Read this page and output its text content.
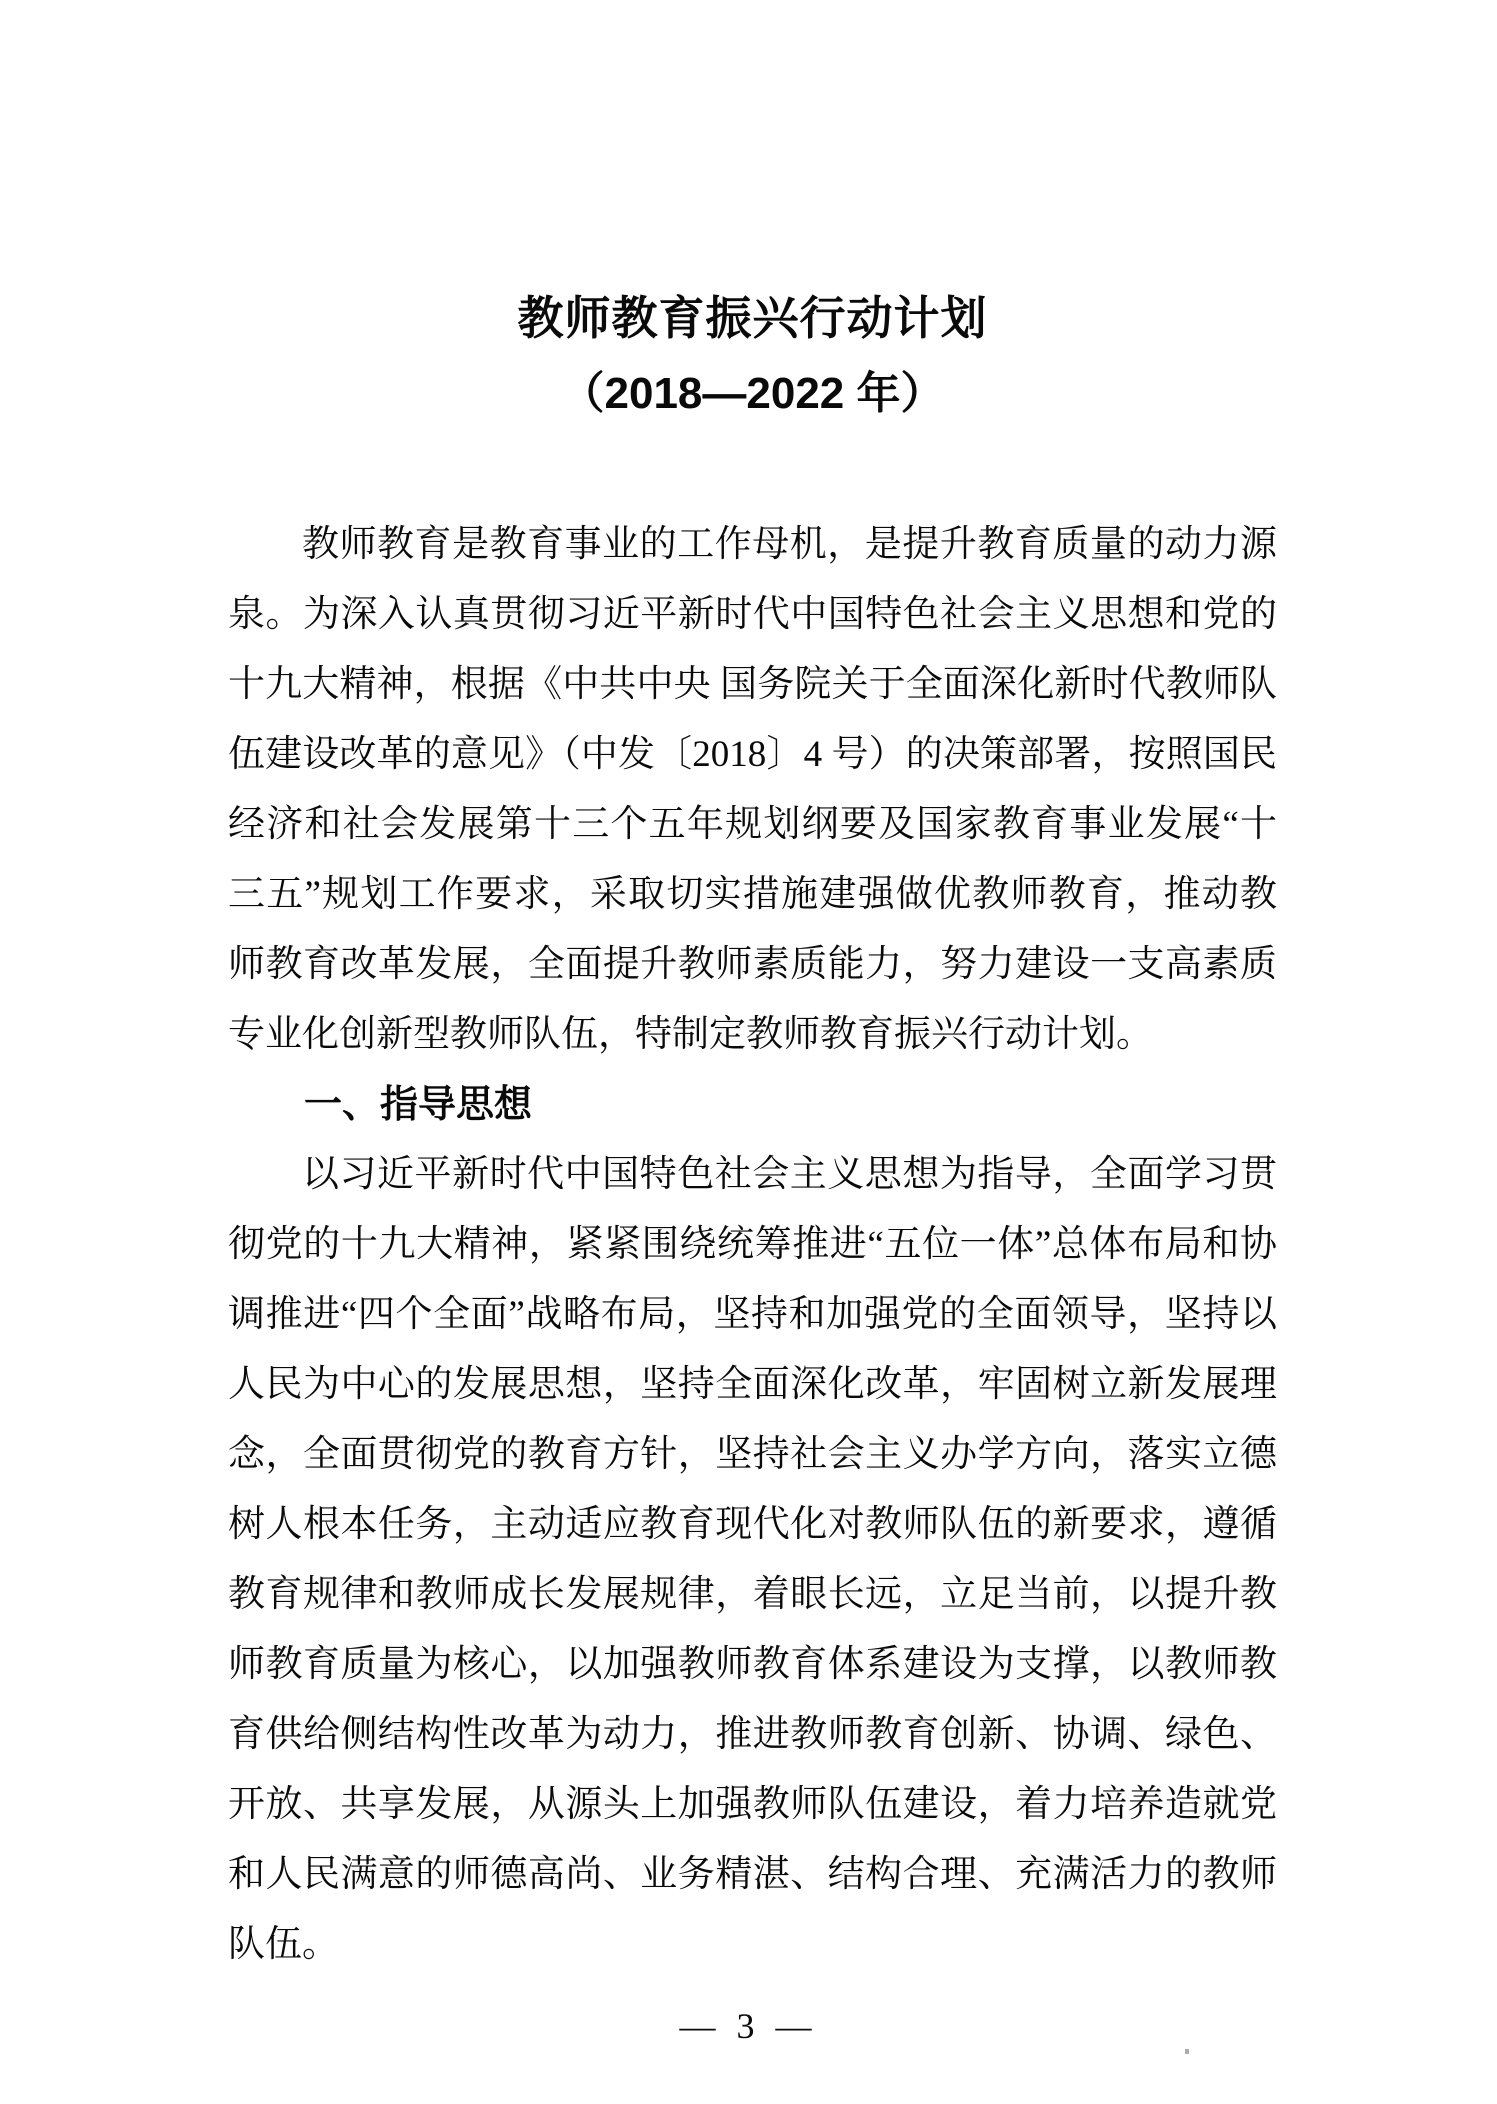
教师教育振兴行动计划
（2018—2022 年）

教师教育是教育事业的工作母机，是提升教育质量的动力源泉。为深入认真贯彻习近平新时代中国特色社会主义思想和党的十九大精神，根据《中共中央 国务院关于全面深化新时代教师队伍建设改革的意见》（中发〔2018〕4 号）的决策部署，按照国民经济和社会发展第十三个五年规划纲要及国家教育事业发展“十三五”规划工作要求，采取切实措施建强做优教师教育，推动教师教育改革发展，全面提升教师素质能力，努力建设一支高素质专业化创新型教师队伍，特制定教师教育振兴行动计划。

一、指导思想

以习近平新时代中国特色社会主义思想为指导，全面学习贯彻党的十九大精神，紧紧围绕统筹推进“五位一体”总体布局和协调推进“四个全面”战略布局，坚持和加强党的全面领导，坚持以人民为中心的发展思想，坚持全面深化改革，牢固树立新发展理念，全面贯彻党的教育方针，坚持社会主义办学方向，落实立德树人根本任务，主动适应教育现代化对教师队伍的新要求，遵循教育规律和教师成长发展规律，着眼长远，立足当前，以提升教师教育质量为核心，以加强教师教育体系建设为支撑，以教师教育供给侧结构性改革为动力，推进教师教育创新、协调、绿色、开放、共享发展，从源头上加强教师队伍建设，着力培养造就党和人民满意的师德高尚、业务精湛、结构合理、充满活力的教师队伍。

— 3 —
